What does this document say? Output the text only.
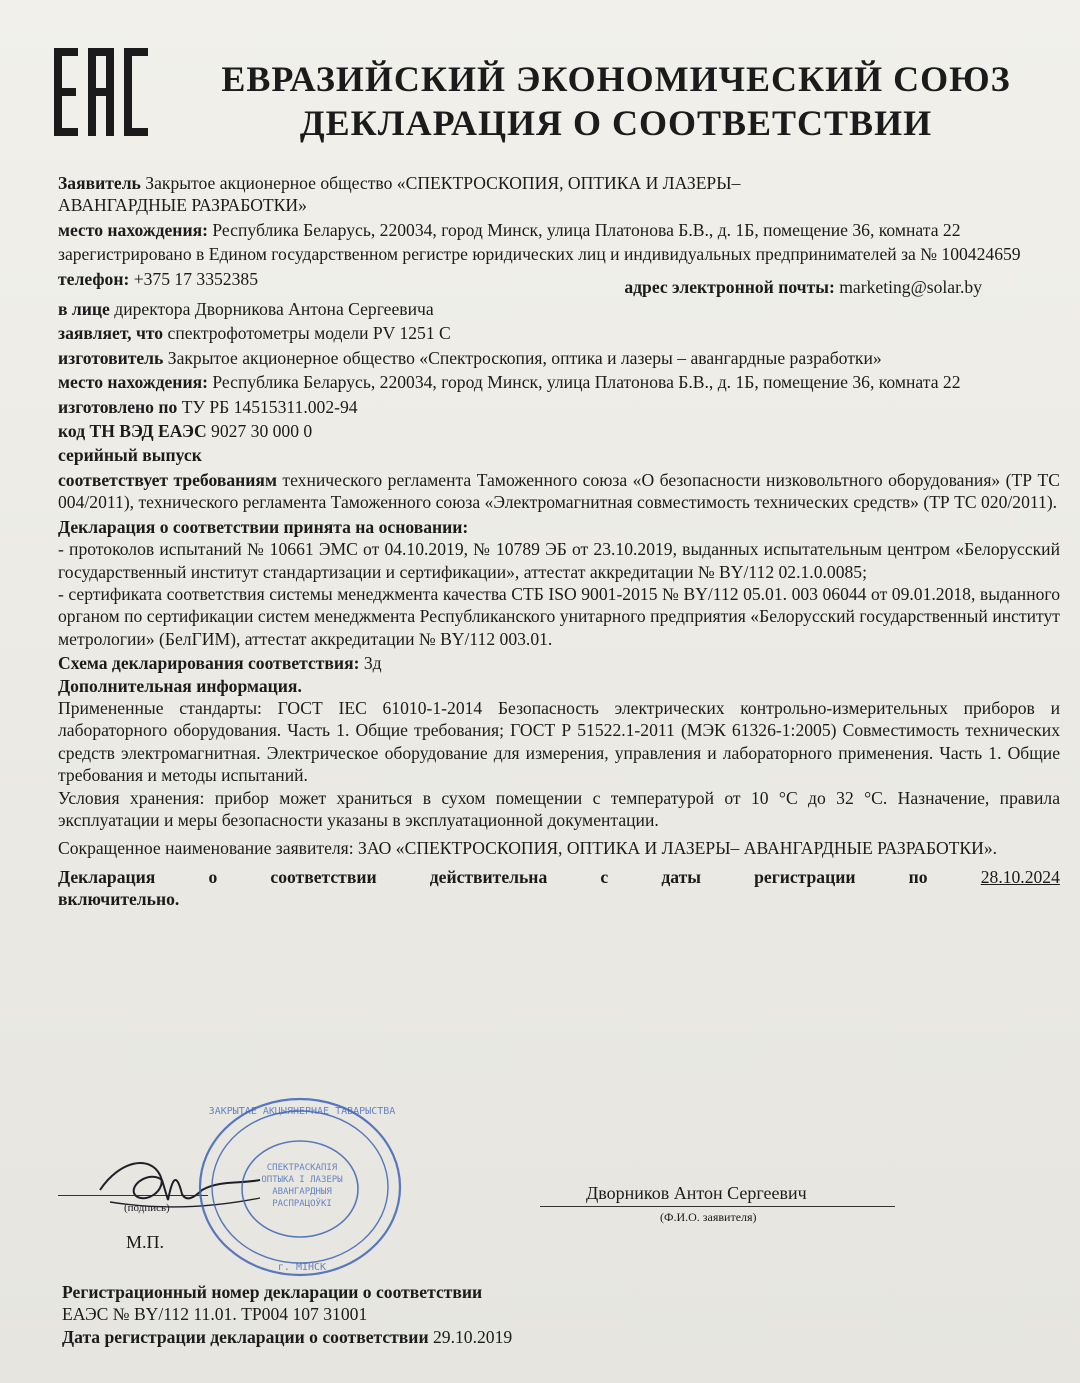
ЕВРАЗИЙСКИЙ ЭКОНОМИЧЕСКИЙ СОЮЗ
ДЕКЛАРАЦИЯ О СООТВЕТСТВИИ

Заявитель Закрытое акционерное общество «СПЕКТРОСКОПИЯ, ОПТИКА И ЛАЗЕРЫ–
АВАНГАРДНЫЕ РАЗРАБОТКИ»

место нахождения: Республика Беларусь, 220034, город Минск, улица Платонова Б.В., д. 1Б, помещение 36, комната 22

зарегистрировано в Едином государственном регистре юридических лиц и индивидуальных предпринимателей за № 100424659

телефон: +375 17 3352385	адрес электронной почты: marketing@solar.by

в лице директора Дворникова Антона Сергеевича

заявляет, что спектрофотометры модели PV 1251 C

изготовитель Закрытое акционерное общество «Спектроскопия, оптика и лазеры – авангардные разработки»

место нахождения: Республика Беларусь, 220034, город Минск, улица Платонова Б.В., д. 1Б, помещение 36, комната 22

изготовлено по ТУ РБ 14515311.002-94

код ТН ВЭД ЕАЭС 9027 30 000 0

серийный выпуск

соответствует требованиям технического регламента Таможенного союза «О безопасности низковольтного оборудования» (ТР ТС 004/2011), технического регламента Таможенного союза «Электромагнитная совместимость технических средств» (ТР ТС 020/2011).

Декларация о соответствии принята на основании:

- протоколов испытаний № 10661 ЭМС от 04.10.2019, № 10789 ЭБ от 23.10.2019, выданных испытательным центром «Белорусский государственный институт стандартизации и сертификации», аттестат аккредитации № BY/112 02.1.0.0085;

- сертификата соответствия системы менеджмента качества СТБ ISO 9001-2015 № BY/112 05.01. 003 06044 от 09.01.2018, выданного органом по сертификации систем менеджмента Республиканского унитарного предприятия «Белорусский государственный институт метрологии» (БелГИМ), аттестат аккредитации № BY/112 003.01.

Схема декларирования соответствия: 3д

Дополнительная информация.

Примененные стандарты: ГОСТ IEC 61010-1-2014 Безопасность электрических контрольно-измерительных приборов и лабораторного оборудования. Часть 1. Общие требования; ГОСТ Р 51522.1-2011 (МЭК 61326-1:2005) Совместимость технических средств электромагнитная. Электрическое оборудование для измерения, управления и лабораторного применения. Часть 1. Общие требования и методы испытаний.

Условия хранения: прибор может храниться в сухом помещении с температурой от 10 °С до 32 °С. Назначение, правила эксплуатации и меры безопасности указаны в эксплуатационной документации.

Сокращенное наименование заявителя: ЗАО «СПЕКТРОСКОПИЯ, ОПТИКА И ЛАЗЕРЫ– АВАНГАРДНЫЕ РАЗРАБОТКИ».

Декларация	о	соответствии	действительна	с	даты	регистрации	по	28.10.2024

включительно.

(подпись)
М.П.
СПЕКТРАСКАПІЯ
ОПТЫКА І ЛАЗЕРЫ
АВАНГАРДНЫЯ
РАСПРАЦОЎКІ
г. МІНСК
ЗАКРЫТАЕ АКЦЫЯНЕРНАЕ ТАВАРЫСТВА
Дворников Антон Сергеевич
(Ф.И.О. заявителя)
Регистрационный номер декларации о соответствии
ЕАЭС № BY/112 11.01. ТР004 107 31001
Дата регистрации декларации о соответствии 29.10.2019
